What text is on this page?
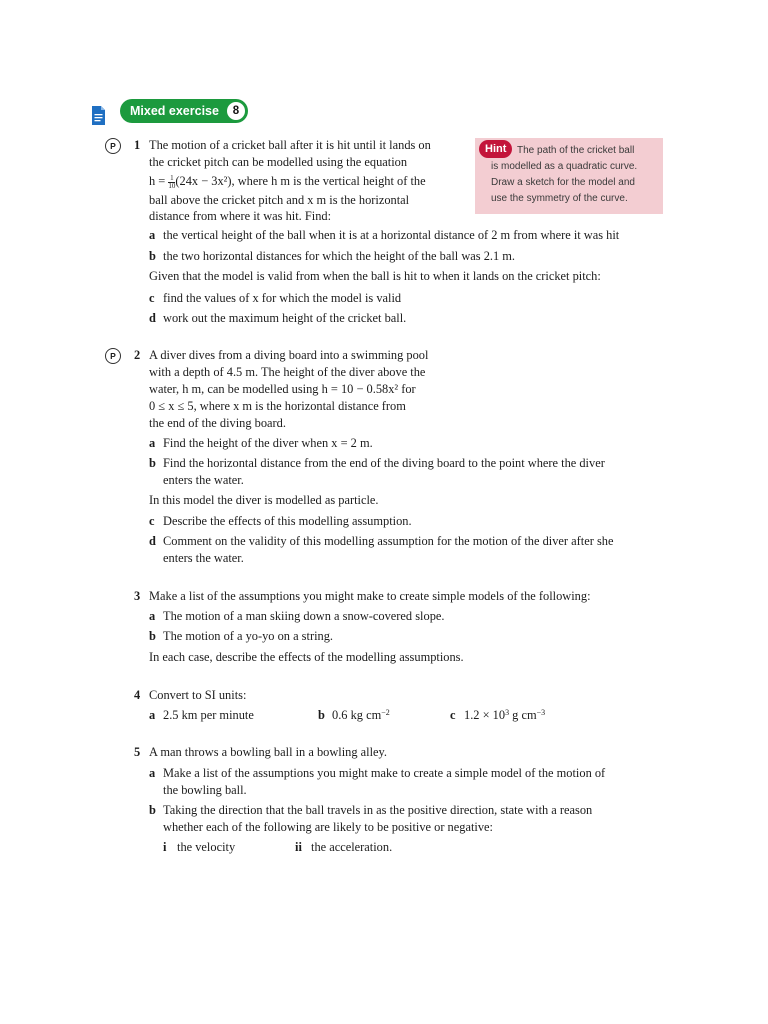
Mixed exercise	8
Hint	The path of the cricket ball
is modelled as a quadratic curve.
Draw a sketch for the model and
use the symmetry of the curve.
P	1 The motion of a cricket ball after it is hit until it lands on
the cricket pitch can be modelled using the equation
$h = \frac{1}{10} (24x - 3x^2)$, where h m is the vertical height of the
ball above the cricket pitch and x m is the horizontal
distance from where it was hit. Find:
a the vertical height of the ball when it is at a horizontal distance of 2 m from where it was hit
b the two horizontal distances for which the height of the ball was 2.1 m.
Given that the model is valid from when the ball is hit to when it lands on the cricket pitch:
c find the values of x for which the model is valid
d work out the maximum height of the cricket ball.
P	2 A diver dives from a diving board into a swimming pool
with a depth of 4.5 m. The height of the diver above the
water, h m, can be modelled using h = 10 − 0.58x² for
0 ≤ x ≤ 5, where x m is the horizontal distance from
the end of the diving board.
a Find the height of the diver when x = 2 m.
b Find the horizontal distance from the end of the diving board to the point where the diver
enters the water.
In this model the diver is modelled as particle.
c Describe the effects of this modelling assumption.
d Comment on the validity of this modelling assumption for the motion of the diver after she
enters the water.
3 Make a list of the assumptions you might make to create simple models of the following:
a The motion of a man skiing down a snow-covered slope.
b The motion of a yo-yo on a string.
In each case, describe the effects of the modelling assumptions.
4 Convert to SI units:
a 2.5 km per minute	b 0.6 kg $cm^{-2}$	c $1.2 \times 10^3$ g $cm^{-3}$
5 A man throws a bowling ball in a bowling alley.
a Make a list of the assumptions you might make to create a simple model of the motion of
the bowling ball.
b Taking the direction that the ball travels in as the positive direction, state with a reason
whether each of the following are likely to be positive or negative:
i the velocity	ii the acceleration.
